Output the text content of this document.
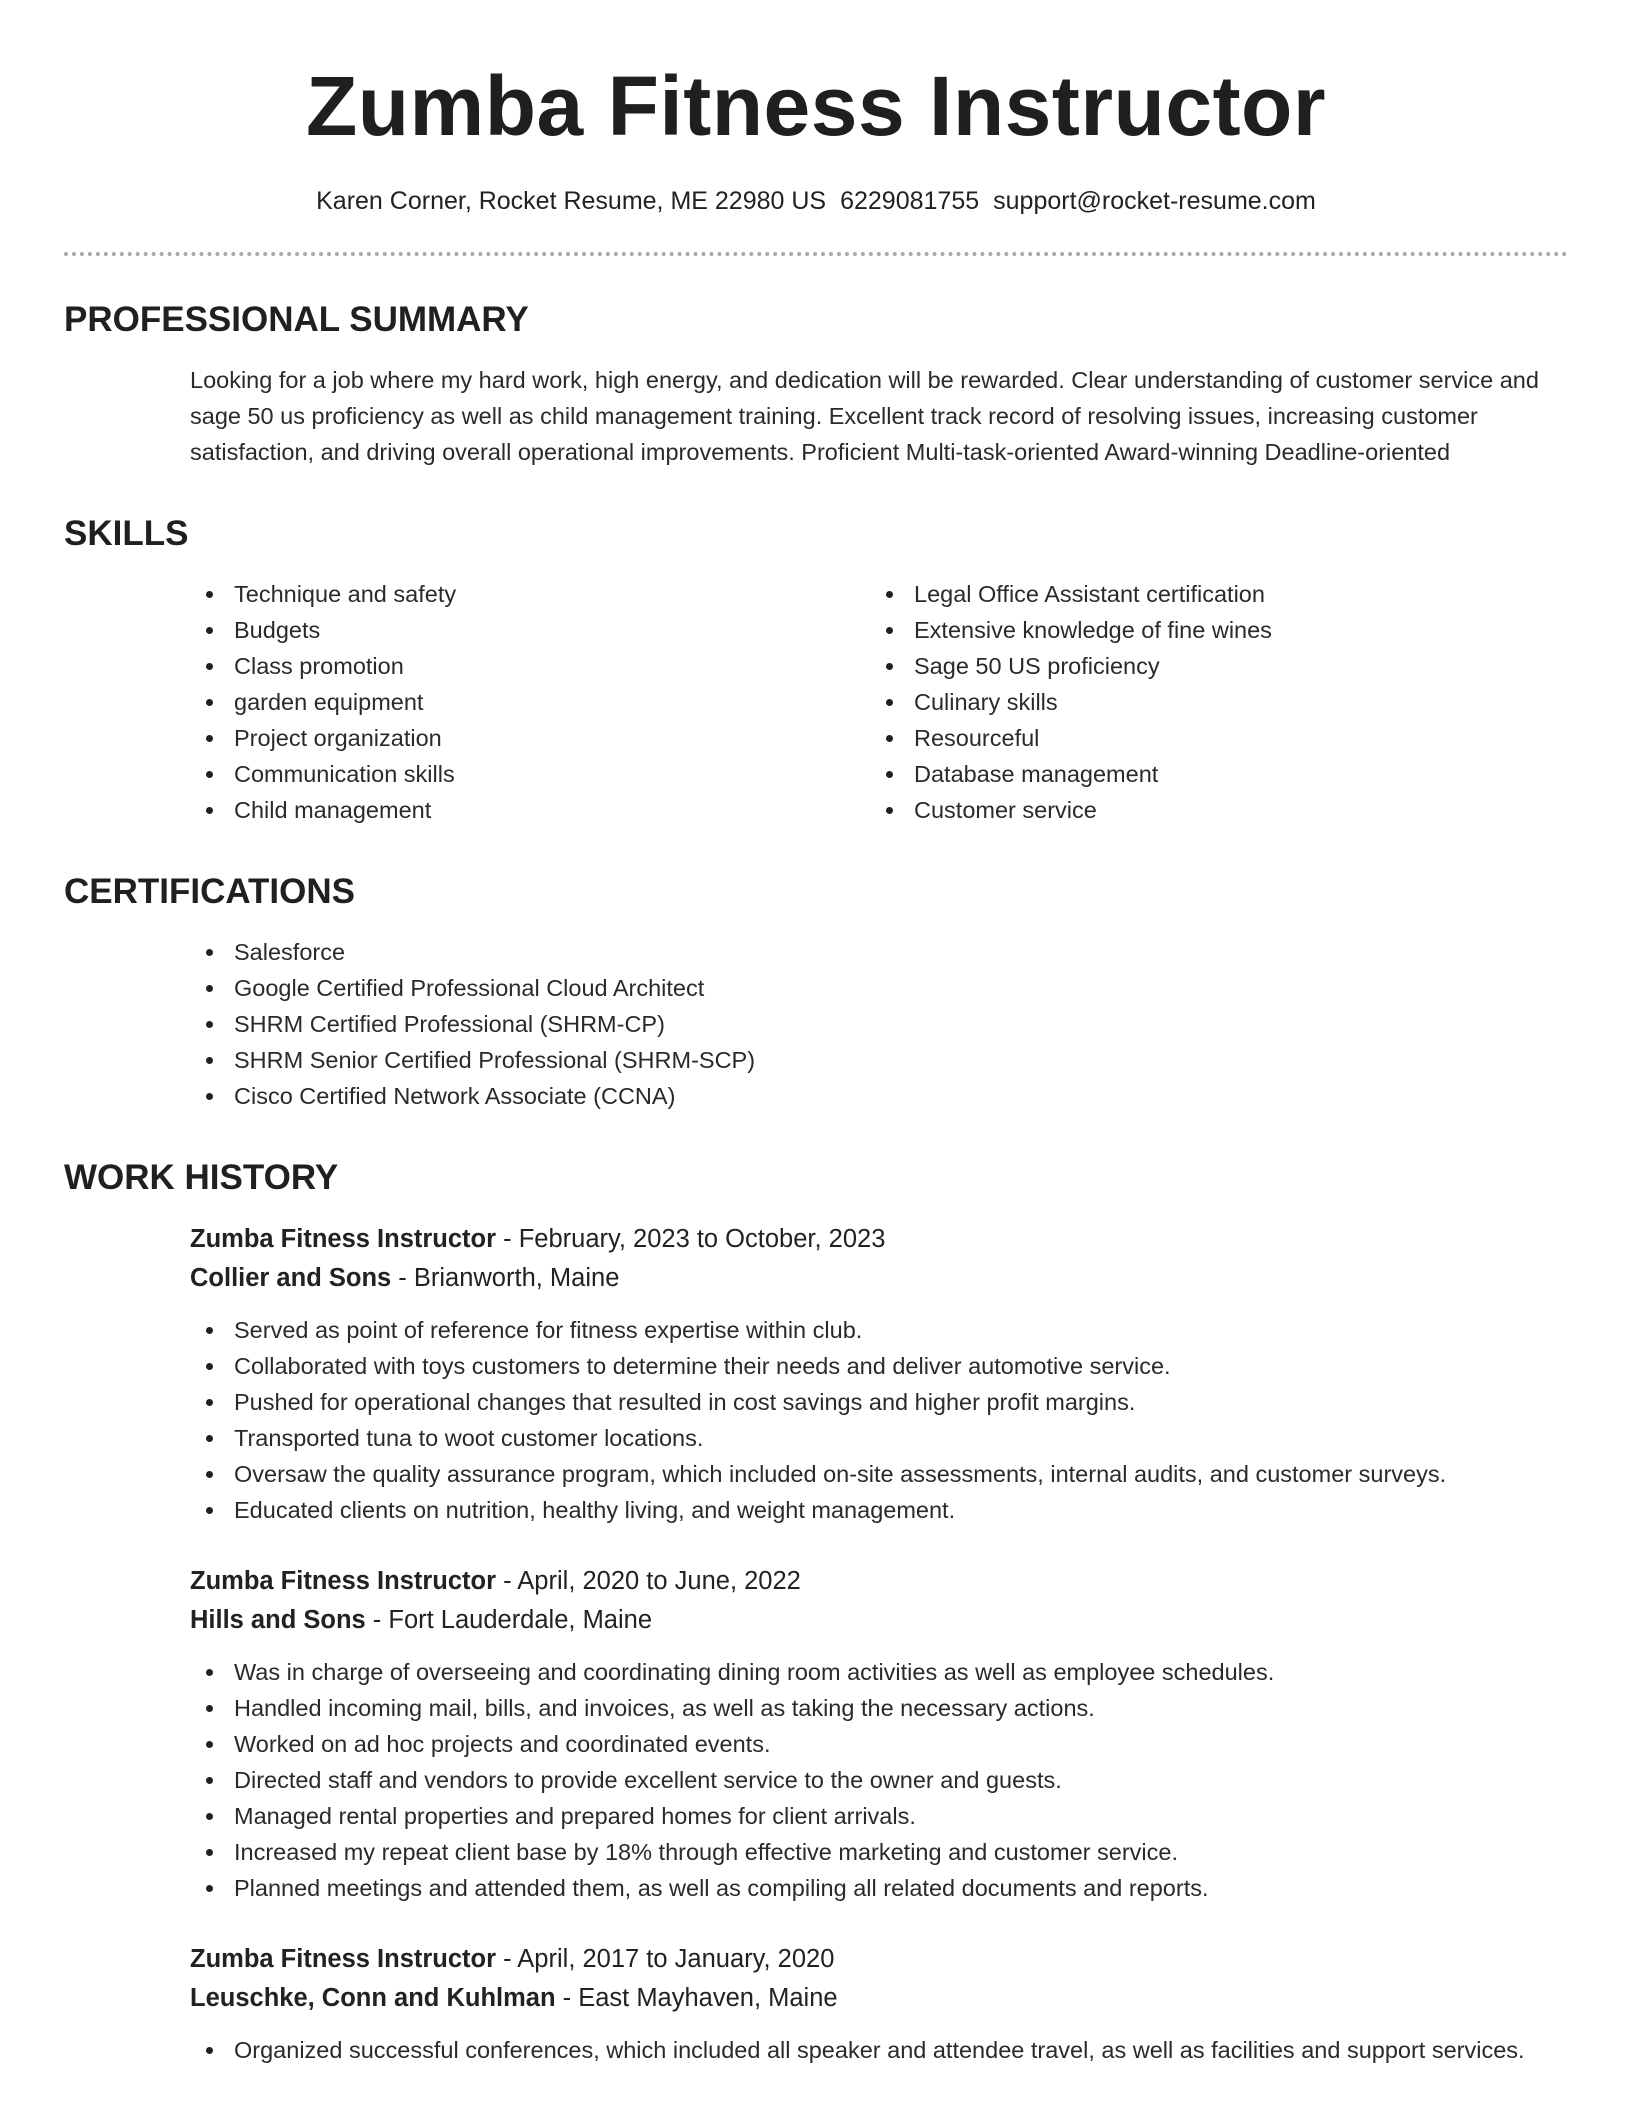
Zumba Fitness Instructor
Karen Corner, Rocket Resume, ME 22980 US 6229081755 support@rocket-resume.com
PROFESSIONAL SUMMARY

Looking for a job where my hard work, high energy, and dedication will be rewarded. Clear understanding of customer service and sage 50 us proficiency as well as child management training. Excellent track record of resolving issues, increasing customer satisfaction, and driving overall operational improvements. Proficient Multi-task-oriented Award-winning Deadline-oriented

SKILLS
Technique and safety
Budgets
Class promotion
garden equipment
Project organization
Communication skills
Child management
Legal Office Assistant certification
Extensive knowledge of fine wines
Sage 50 US proficiency
Culinary skills
Resourceful
Database management
Customer service
CERTIFICATIONS
Salesforce
Google Certified Professional Cloud Architect
SHRM Certified Professional (SHRM-CP)
SHRM Senior Certified Professional (SHRM-SCP)
Cisco Certified Network Associate (CCNA)
WORK HISTORY
Zumba Fitness Instructor - February, 2023 to October, 2023
Collier and Sons - Brianworth, Maine
Served as point of reference for fitness expertise within club.
Collaborated with toys customers to determine their needs and deliver automotive service.
Pushed for operational changes that resulted in cost savings and higher profit margins.
Transported tuna to woot customer locations.
Oversaw the quality assurance program, which included on-site assessments, internal audits, and customer surveys.
Educated clients on nutrition, healthy living, and weight management.
Zumba Fitness Instructor - April, 2020 to June, 2022
Hills and Sons - Fort Lauderdale, Maine
Was in charge of overseeing and coordinating dining room activities as well as employee schedules.
Handled incoming mail, bills, and invoices, as well as taking the necessary actions.
Worked on ad hoc projects and coordinated events.
Directed staff and vendors to provide excellent service to the owner and guests.
Managed rental properties and prepared homes for client arrivals.
Increased my repeat client base by 18% through effective marketing and customer service.
Planned meetings and attended them, as well as compiling all related documents and reports.
Zumba Fitness Instructor - April, 2017 to January, 2020
Leuschke, Conn and Kuhlman - East Mayhaven, Maine
Organized successful conferences, which included all speaker and attendee travel, as well as facilities and support services.
